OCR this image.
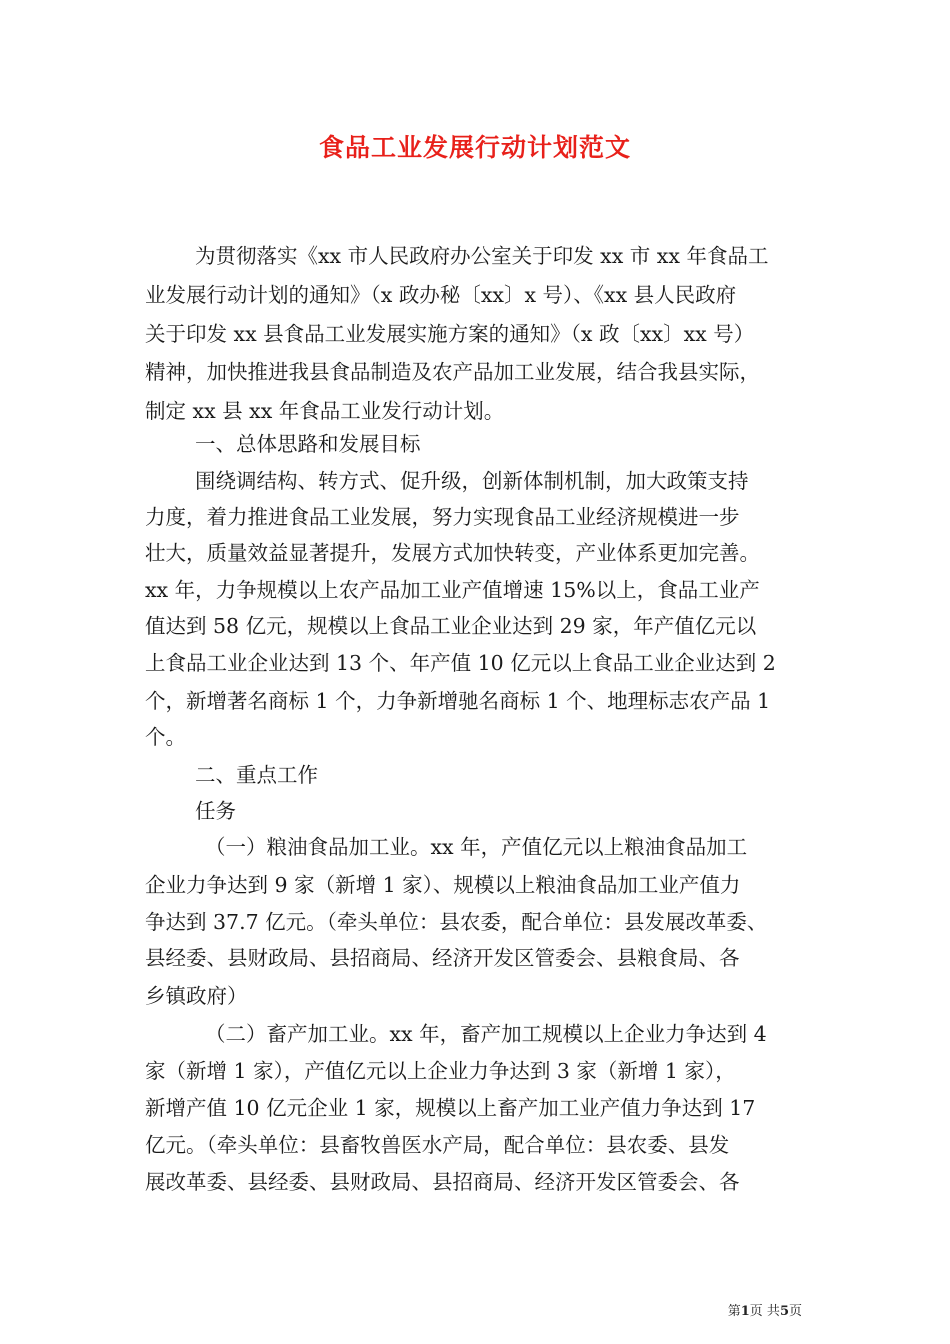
食品工业发展行动计划范文
为贯彻落实《xx 市人民政府办公室关于印发 xx 市 xx 年食品工
业发展行动计划的通知》（x 政办秘〔xx〕x 号）、《xx 县人民政府
关于印发 xx 县食品工业发展实施方案的通知》（x 政〔xx〕xx 号）
精神，加快推进我县食品制造及农产品加工业发展，结合我县实际，
制定 xx 县 xx 年食品工业发行动计划。
一、总体思路和发展目标
围绕调结构、转方式、促升级，创新体制机制，加大政策支持
力度，着力推进食品工业发展，努力实现食品工业经济规模进一步
壮大，质量效益显著提升，发展方式加快转变，产业体系更加完善。
xx 年，力争规模以上农产品加工业产值增速 15%以上，食品工业产
值达到 58 亿元，规模以上食品工业企业达到 29 家，年产值亿元以
上食品工业企业达到 13 个、年产值 10 亿元以上食品工业企业达到 2
个，新增著名商标 1 个，力争新增驰名商标 1 个、地理标志农产品 1
个。
二、重点工作
任务
（一）粮油食品加工业。xx 年，产值亿元以上粮油食品加工
企业力争达到 9 家（新增 1 家）、规模以上粮油食品加工业产值力
争达到 37.7 亿元。（牵头单位：县农委，配合单位：县发展改革委、
县经委、县财政局、县招商局、经济开发区管委会、县粮食局、各
乡镇政府）
（二）畜产加工业。xx 年，畜产加工规模以上企业力争达到 4
家（新增 1 家），产值亿元以上企业力争达到 3 家（新增 1 家），
新增产值 10 亿元企业 1 家，规模以上畜产加工业产值力争达到 17
亿元。（牵头单位：县畜牧兽医水产局，配合单位：县农委、县发
展改革委、县经委、县财政局、县招商局、经济开发区管委会、各
第1页 共5页
